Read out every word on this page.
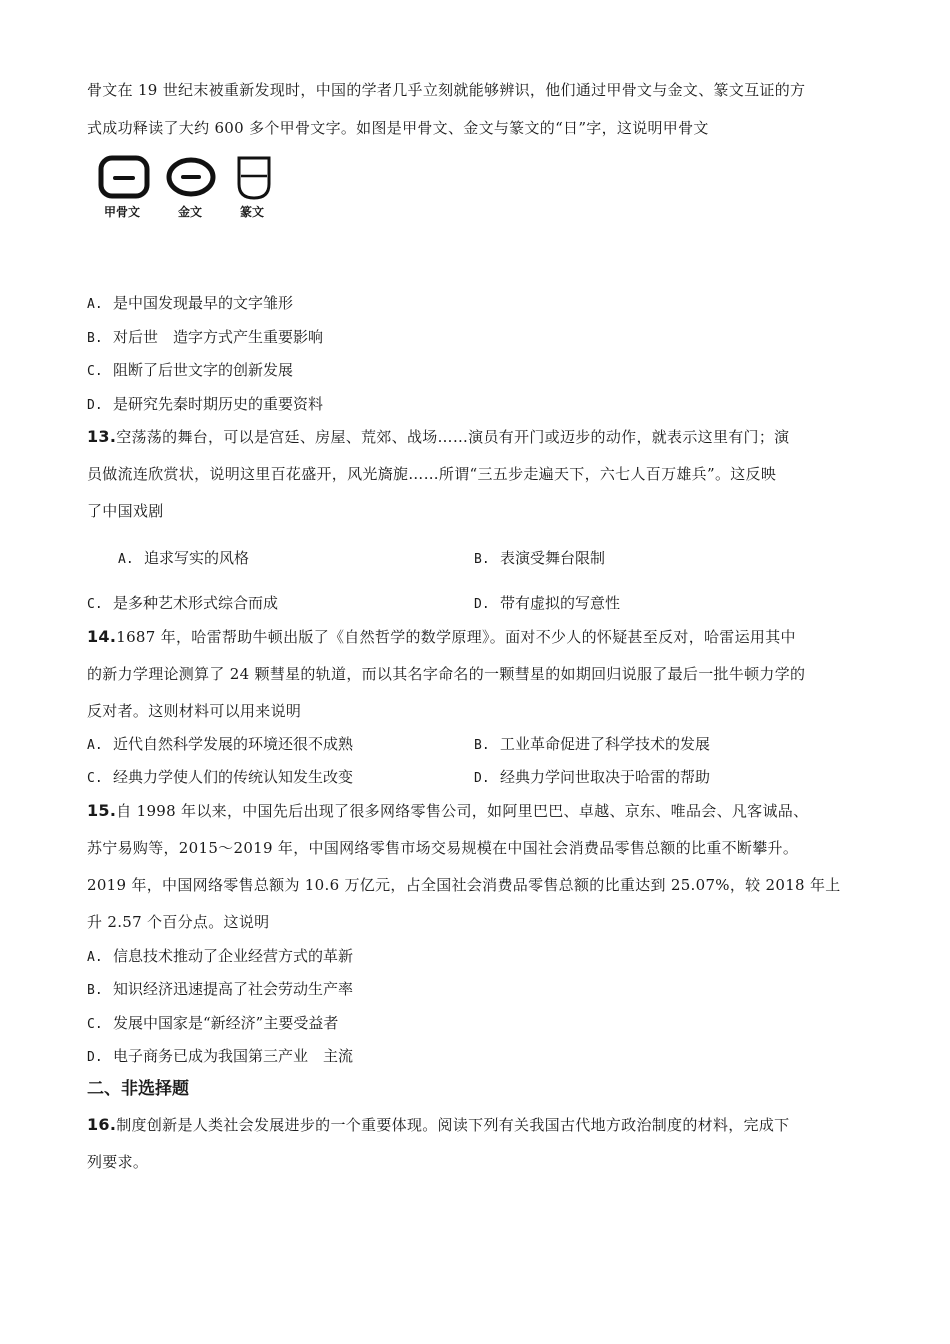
骨文在 19 世纪末被重新发现时，中国的学者几乎立刻就能够辨识，他们通过甲骨文与金文、篆文互证的方
式成功释读了大约 600 多个甲骨文字。如图是甲骨文、金文与篆文的“日”字，这说明甲骨文
甲骨文	金文	篆文
A. 是中国发现最早的文字雏形
B. 对后世　造字方式产生重要影响
C. 阻断了后世文字的创新发展
D. 是研究先秦时期历史的重要资料
13.空荡荡的舞台，可以是宫廷、房屋、荒郊、战场……演员有开门或迈步的动作，就表示这里有门；演
员做流连欣赏状，说明这里百花盛开，风光旖旎……所谓“三五步走遍天下，六七人百万雄兵”。这反映
了中国戏剧
A. 追求写实的风格	B. 表演受舞台限制
C. 是多种艺术形式综合而成	D. 带有虚拟的写意性
14.1687 年，哈雷帮助牛顿出版了《自然哲学的数学原理》。面对不少人的怀疑甚至反对，哈雷运用其中
的新力学理论测算了 24 颗彗星的轨道，而以其名字命名的一颗彗星的如期回归说服了最后一批牛顿力学的
反对者。这则材料可以用来说明
A. 近代自然科学发展的环境还很不成熟	B. 工业革命促进了科学技术的发展
C. 经典力学使人们的传统认知发生改变	D. 经典力学问世取决于哈雷的帮助
15.自 1998 年以来，中国先后出现了很多网络零售公司，如阿里巴巴、卓越、京东、唯品会、凡客诚品、
苏宁易购等，2015～2019 年，中国网络零售市场交易规模在中国社会消费品零售总额的比重不断攀升。
2019 年，中国网络零售总额为 10.6 万亿元，占全国社会消费品零售总额的比重达到 25.07%，较 2018 年上
升 2.57 个百分点。这说明
A. 信息技术推动了企业经营方式的革新
B. 知识经济迅速提高了社会劳动生产率
C. 发展中国家是“新经济”主要受益者
D. 电子商务已成为我国第三产业　主流
二、非选择题
16.制度创新是人类社会发展进步的一个重要体现。阅读下列有关我国古代地方政治制度的材料，完成下
列要求。
